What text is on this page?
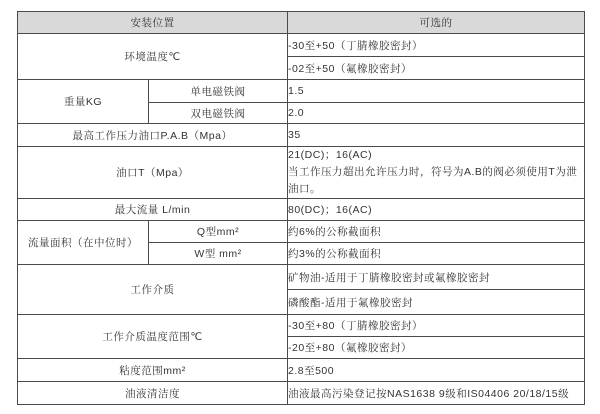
安装位置		可选的
环境温度℃		-30至+50（丁腈橡胶密封）
		-02至+50（氟橡胶密封）
重量KG	单电磁铁阀	1.5
	双电磁铁阀	2.0
最高工作压力油口P.A.B（Mpa）		35
油口T（Mpa）		21(DC)；16(AC)
当工作压力超出允许压力时，符号为A.B的阀必须使用T为泄油口。

最大流量 L/min		80(DC)；16(AC)
流量面积（在中位时）	Q型mm²	约6%的公称截面积
	W型 mm²	约3%的公称截面积
工作介质		矿物油-适用于丁腈橡胶密封或氟橡胶密封
		磷酸酯-适用于氟橡胶密封
工作介质温度范围℃		-30至+80（丁腈橡胶密封）
		-20至+80（氟橡胶密封）
粘度范围mm²		2.8至500
油液清洁度		油液最高污染登记按NAS1638 9级和IS04406 20/18/15级
